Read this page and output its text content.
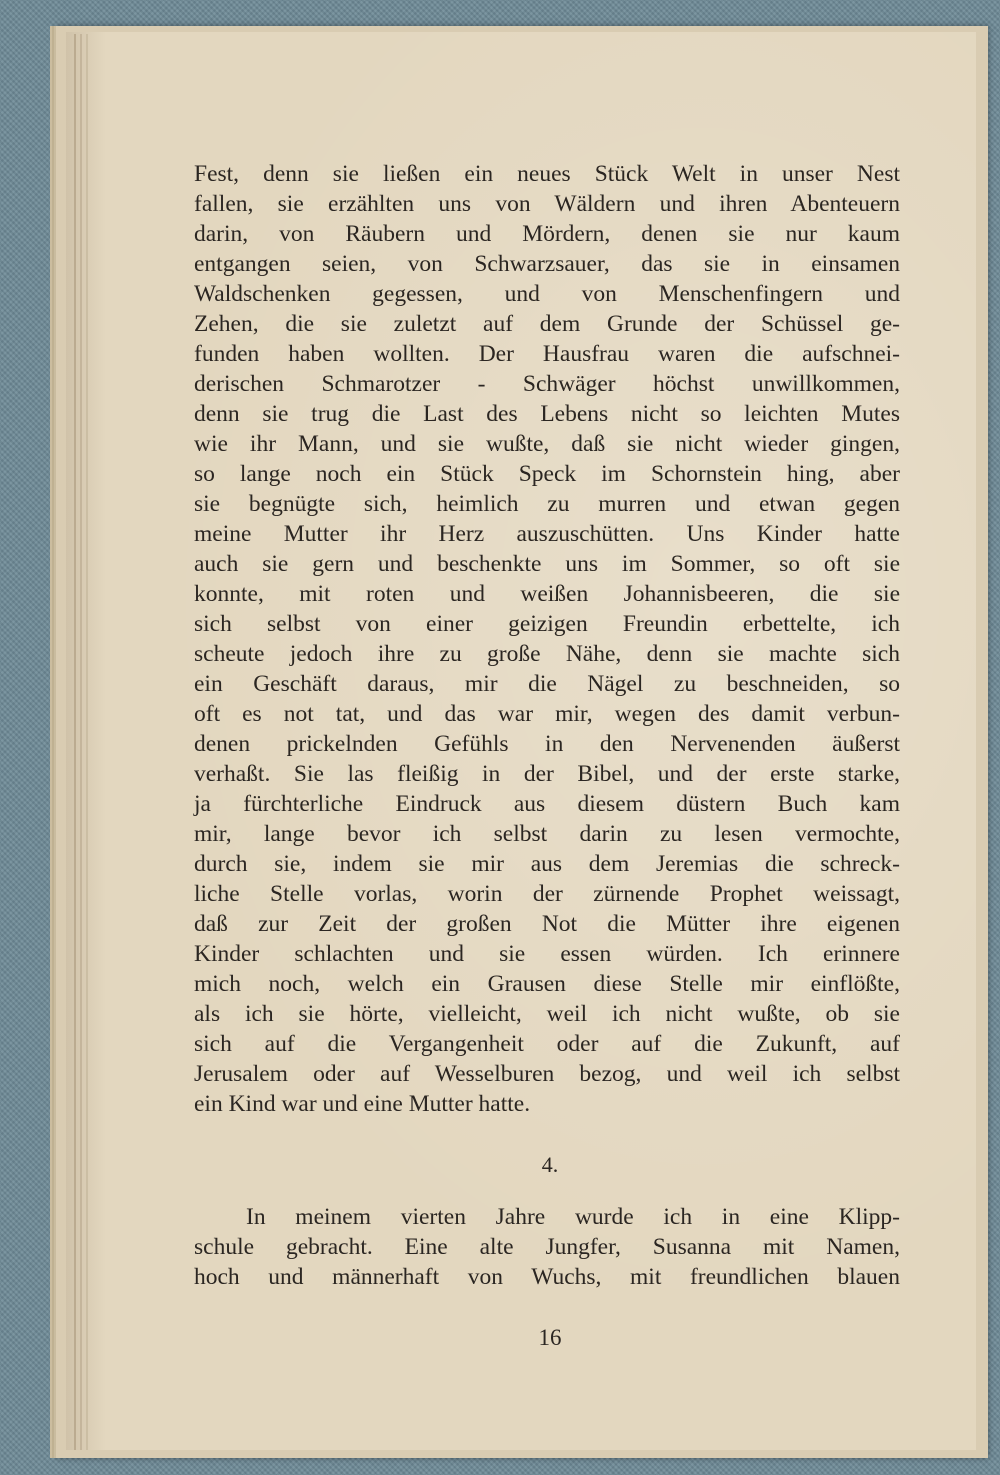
Fest, denn sie ließen ein neues Stück Welt in unser Nest
fallen, sie erzählten uns von Wäldern und ihren Abenteuern
darin, von Räubern und Mördern, denen sie nur kaum
entgangen seien, von Schwarzsauer, das sie in einsamen
Waldschenken gegessen, und von Menschenfingern und
Zehen, die sie zuletzt auf dem Grunde der Schüssel ge-
funden haben wollten. Der Hausfrau waren die aufschnei-
derischen Schmarotzer - Schwäger höchst unwillkommen,
denn sie trug die Last des Lebens nicht so leichten Mutes
wie ihr Mann, und sie wußte, daß sie nicht wieder gingen,
so lange noch ein Stück Speck im Schornstein hing, aber
sie begnügte sich, heimlich zu murren und etwan gegen
meine Mutter ihr Herz auszuschütten. Uns Kinder hatte
auch sie gern und beschenkte uns im Sommer, so oft sie
konnte, mit roten und weißen Johannisbeeren, die sie
sich selbst von einer geizigen Freundin erbettelte, ich
scheute jedoch ihre zu große Nähe, denn sie machte sich
ein Geschäft daraus, mir die Nägel zu beschneiden, so
oft es not tat, und das war mir, wegen des damit verbun-
denen prickelnden Gefühls in den Nervenenden äußerst
verhaßt. Sie las fleißig in der Bibel, und der erste starke,
ja fürchterliche Eindruck aus diesem düstern Buch kam
mir, lange bevor ich selbst darin zu lesen vermochte,
durch sie, indem sie mir aus dem Jeremias die schreck-
liche Stelle vorlas, worin der zürnende Prophet weissagt,
daß zur Zeit der großen Not die Mütter ihre eigenen
Kinder schlachten und sie essen würden. Ich erinnere
mich noch, welch ein Grausen diese Stelle mir einflößte,
als ich sie hörte, vielleicht, weil ich nicht wußte, ob sie
sich auf die Vergangenheit oder auf die Zukunft, auf
Jerusalem oder auf Wesselburen bezog, und weil ich selbst
ein Kind war und eine Mutter hatte.
4.
In meinem vierten Jahre wurde ich in eine Klipp-
schule gebracht. Eine alte Jungfer, Susanna mit Namen,
hoch und männerhaft von Wuchs, mit freundlichen blauen
16
